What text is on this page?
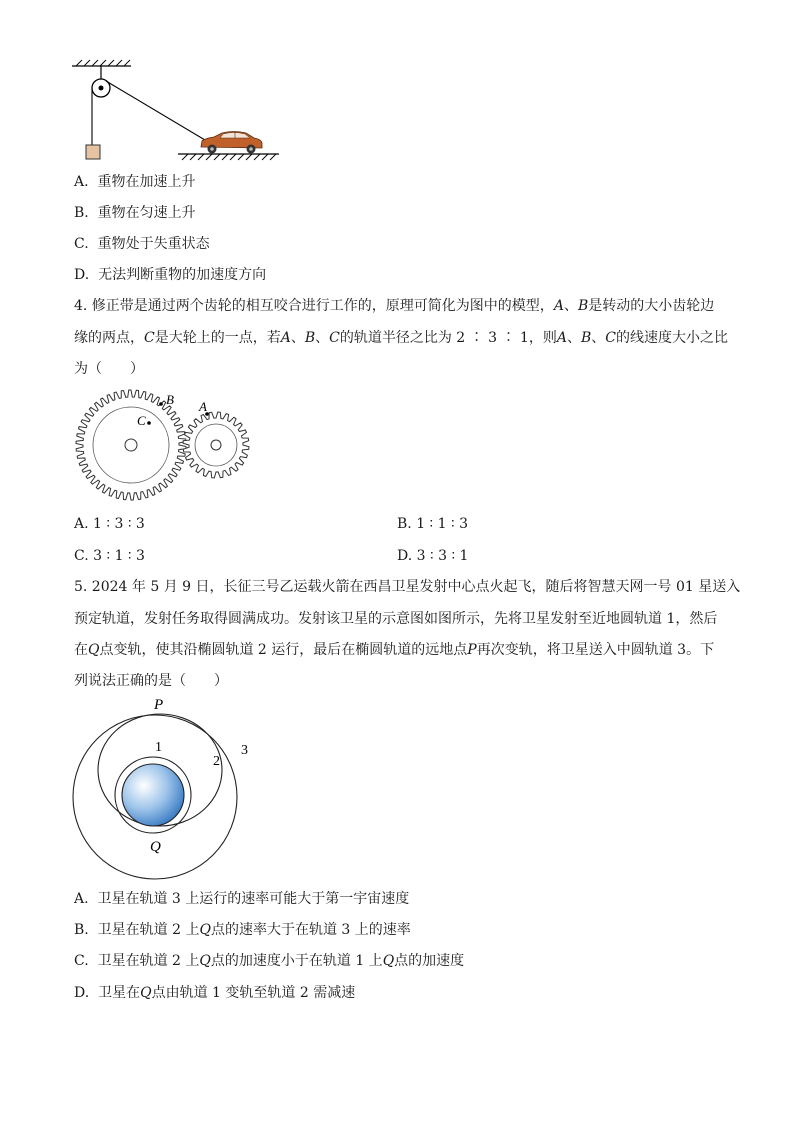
A. 重物在加速上升
B. 重物在匀速上升
C. 重物处于失重状态
D. 无法判断重物的加速度方向
4. 修正带是通过两个齿轮的相互咬合进行工作的，原理可简化为图中的模型，A、B是转动的大小齿轮边
缘的两点，C是大轮上的一点，若A、B、C的轨道半径之比为 2 ∶ 3 ∶ 1，则A、B、C的线速度大小之比
为（　　）
C
B A
A. 1 ∶ 3 ∶ 3	B. 1 ∶ 1 ∶ 3
C. 3 ∶ 1 ∶ 3	D. 3 ∶ 3 ∶ 1
5. 2024 年 5 月 9 日，长征三号乙运载火箭在西昌卫星发射中心点火起飞，随后将智慧天网一号 01 星送入
预定轨道，发射任务取得圆满成功。发射该卫星的示意图如图所示，先将卫星发射至近地圆轨道 1，然后
在Q点变轨，使其沿椭圆轨道 2 运行，最后在椭圆轨道的远地点P再次变轨，将卫星送入中圆轨道 3。下
列说法正确的是（　　）
P
Q
1
2
3
A. 卫星在轨道 3 上运行的速率可能大于第一宇宙速度
B. 卫星在轨道 2 上Q点的速率大于在轨道 3 上的速率
C. 卫星在轨道 2 上Q点的加速度小于在轨道 1 上Q点的加速度
D. 卫星在Q点由轨道 1 变轨至轨道 2 需减速
